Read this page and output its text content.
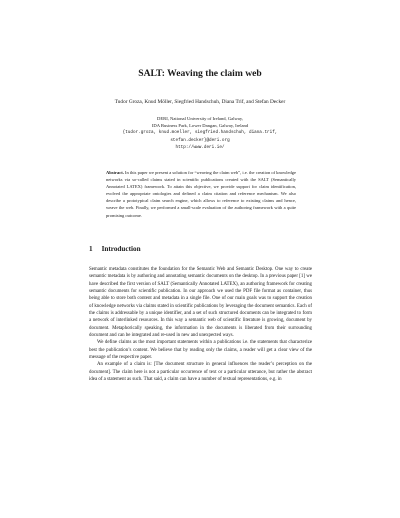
SALT: Weaving the claim web
Tudor Groza, Knud Möller, Siegfried Handschuh, Diana Trif, and Stefan Decker
DERI, National University of Ireland, Galway,
IDA Business Park, Lower Dangan, Galway, Ireland
{tudor.groza, knud.moeller, siegfried.handschuh, diana.trif,
stefan.decker}@deri.org
http://www.deri.ie/
Abstract. In this paper we present a solution for “weaving the claim web”, i.e. the creation of knowledge networks via so-called claims stated in scientific publications created with the SALT (Semantically Annotated LATEX) framework. To attain this objective, we provide support for claim identification, evolved the appropriate ontologies and defined a claim citation and reference mechanism. We also describe a prototypical claim search engine, which allows to reference to existing claims and hence, weave the web. Finally, we performed a small-scale evaluation of the authoring framework with a quite promising outcome.
1 Introduction

Semantic metadata constitutes the foundation for the Semantic Web and Semantic Desktop. One way to create semantic metadata is by authoring and annotating semantic documents on the desktop. In a previous paper [1] we have described the first version of SALT (Semantically Annotated LATEX), an authoring framework for creating semantic documents for scientific publication. In our approach we used the PDF file format as container, thus being able to store both content and metadata in a single file. One of our main goals was to support the creation of knowledge networks via claims stated in scientific publications by leveraging the document semantics. Each of the claims is addressable by a unique identifier, and a set of such structured documents can be integrated to form a network of interlinked resources. In this way a semantic web of scientific literature is growing, document by document. Metaphorically speaking, the information in the documents is liberated from their surrounding document and can be integrated and re-used in new and unexpected ways.

We define claims as the most important statements within a publications i.e. the statements that characterize best the publication’s content. We believe that by reading only the claims, a reader will get a clear view of the message of the respective paper.

An example of a claim is: [The document structure in general influences the reader’s perception on the document]. The claim here is not a particular occurrence of text or a particular utterance, but rather the abstract idea of a statement as such. That said, a claim can have a number of textual representations, e.g. in
